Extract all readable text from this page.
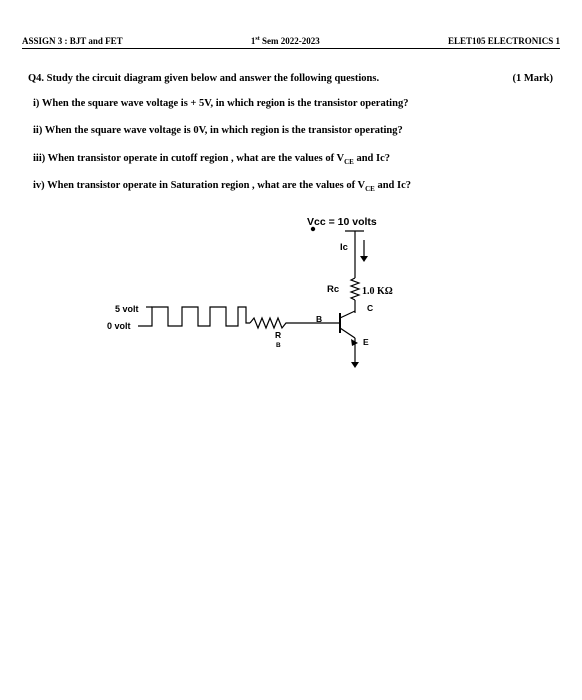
ASSIGN 3 : BJT and FET	1st Sem 2022-2023	ELET105 ELECTRONICS 1
Q4. Study the circuit diagram given below and answer the following questions.	(1 Mark)
i) When the square wave voltage is + 5V, in which region is the transistor operating?
ii) When the square wave voltage is 0V, in which region is the transistor operating?
iii) When transistor operate in cutoff region , what are the values of $V_{CE}$ and Ic?
iv) When transistor operate in Saturation region , what are the values of $V_{CE}$ and Ic?
Vcc = 10 volts
Ic
Rc 1.0 KΩ
C
E
B
R
B
5 volt
0 volt
